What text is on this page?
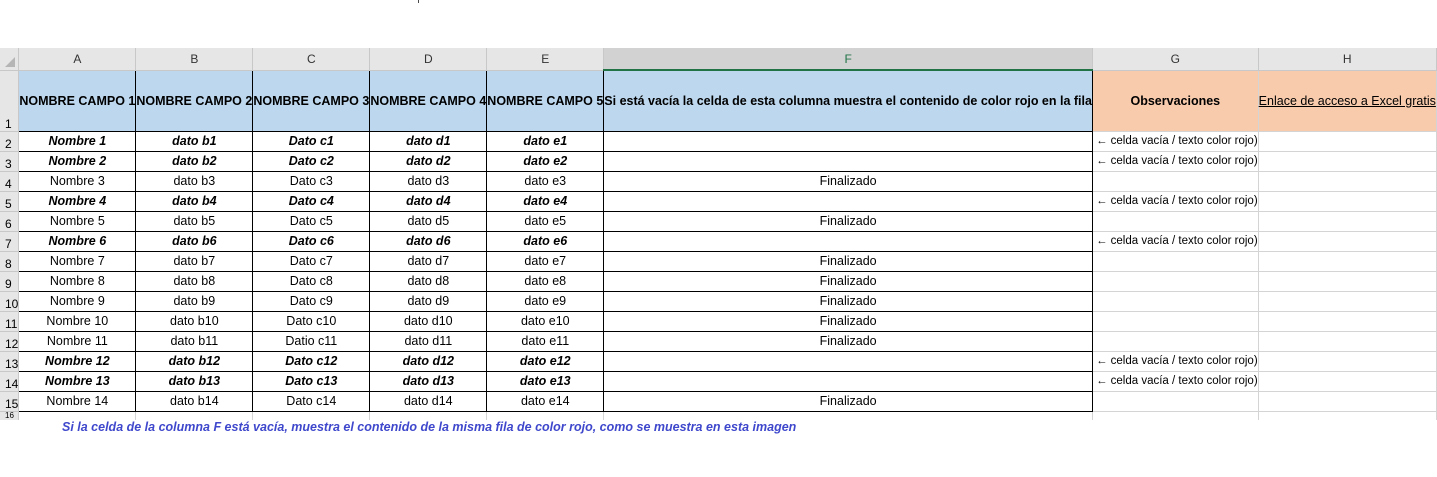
	A	B	C	D	E	F	G	H
1	NOMBRE CAMPO 1	NOMBRE CAMPO 2	NOMBRE CAMPO 3	NOMBRE CAMPO 4	NOMBRE CAMPO 5	Si está vacía la celda de esta columna muestra el contenido de color rojo en la fila	Observaciones	Enlace de acceso a Excel gratis
2	Nombre 1	dato b1	Dato c1	dato d1	dato e1		← celda vacía / texto color rojo)	
3	Nombre 2	dato b2	Dato c2	dato d2	dato e2		← celda vacía / texto color rojo)	
4	Nombre 3	dato b3	Dato c3	dato d3	dato e3	Finalizado		
5	Nombre 4	dato b4	Dato c4	dato d4	dato e4		← celda vacía / texto color rojo)	
6	Nombre 5	dato b5	Dato c5	dato d5	dato e5	Finalizado		
7	Nombre 6	dato b6	Dato c6	dato d6	dato e6		← celda vacía / texto color rojo)	
8	Nombre 7	dato b7	Dato c7	dato d7	dato e7	Finalizado		
9	Nombre 8	dato b8	Dato c8	dato d8	dato e8	Finalizado		
10	Nombre 9	dato b9	Dato c9	dato d9	dato e9	Finalizado		
11	Nombre 10	dato b10	Dato c10	dato d10	dato e10	Finalizado		
12	Nombre 11	dato b11	Datio c11	dato d11	dato e11	Finalizado		
13	Nombre 12	dato b12	Dato c12	dato d12	dato e12		← celda vacía / texto color rojo)	
14	Nombre 13	dato b13	Dato c13	dato d13	dato e13		← celda vacía / texto color rojo)	
15	Nombre 14	dato b14	Dato c14	dato d14	dato e14	Finalizado		
16								
Si la celda de la columna F está vacía, muestra el contenido de la misma fila de color rojo, como se muestra en esta imagen
